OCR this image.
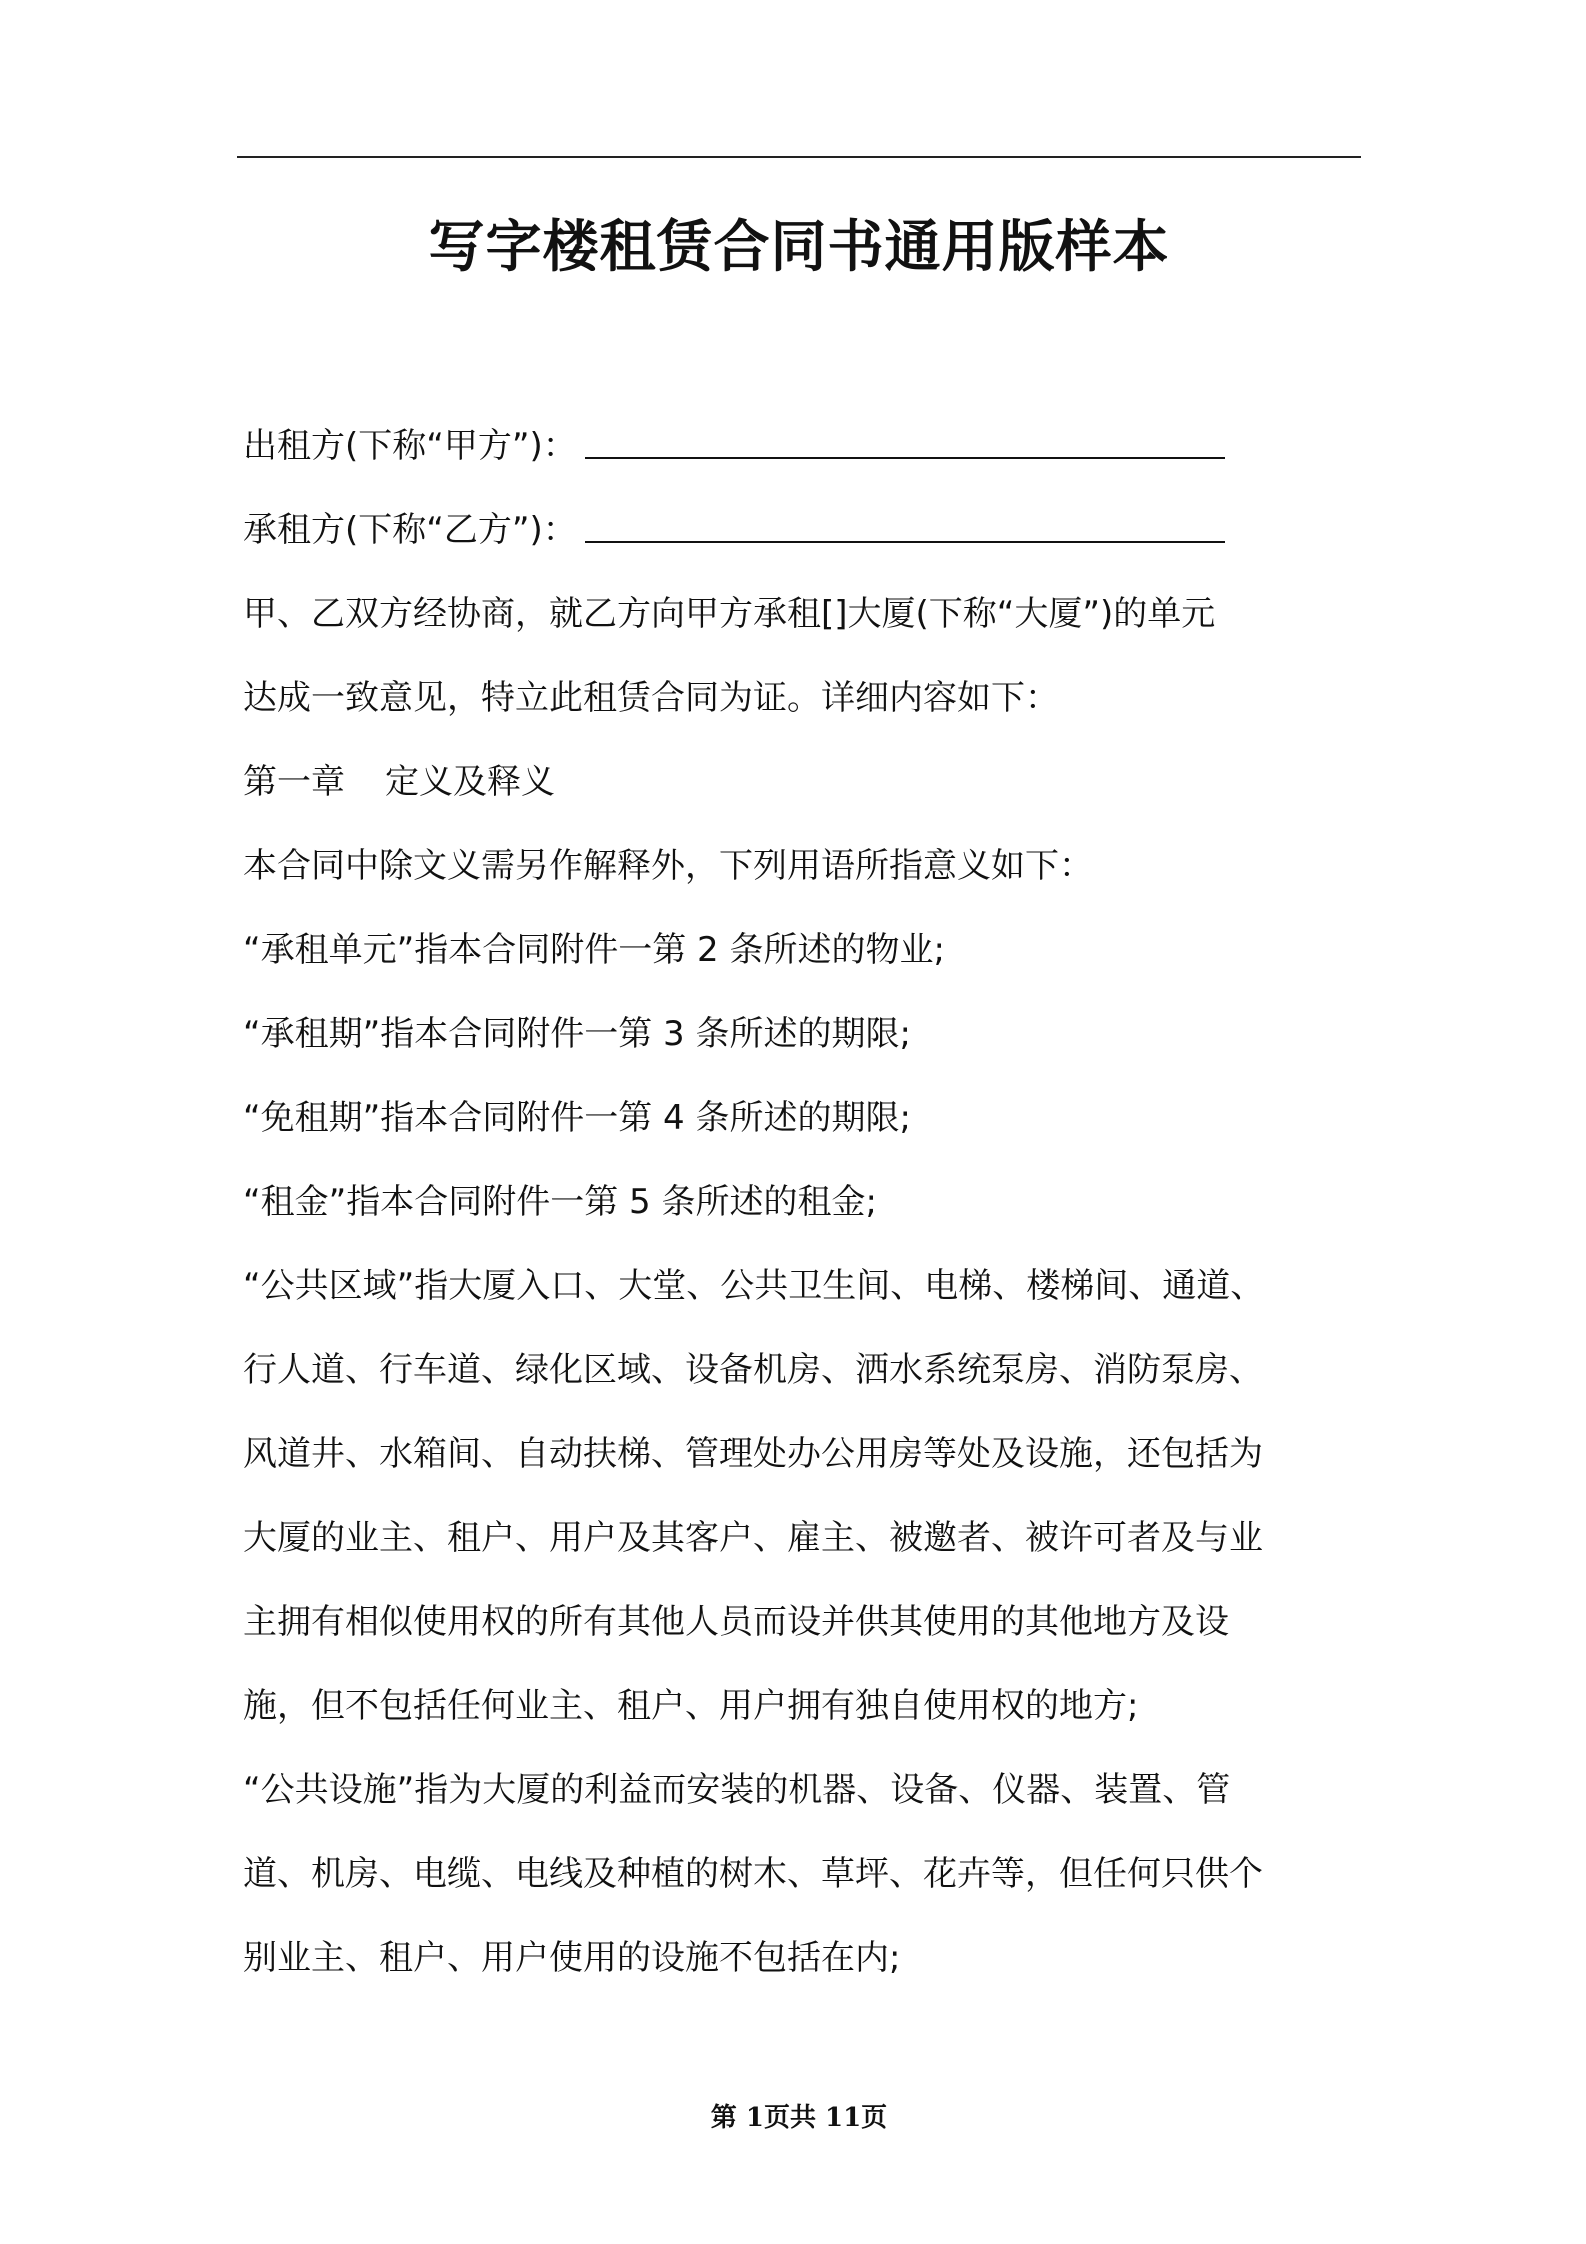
写字楼租赁合同书通用版样本
出租方(下称“甲方”)：
承租方(下称“乙方”)：
甲、乙双方经协商，就乙方向甲方承租[]大厦(下称“大厦”)的单元
达成一致意见，特立此租赁合同为证。详细内容如下：
第一章 定义及释义
本合同中除文义需另作解释外，下列用语所指意义如下：
“承租单元”指本合同附件一第 2 条所述的物业;
“承租期”指本合同附件一第 3 条所述的期限;
“免租期”指本合同附件一第 4 条所述的期限;
“租金”指本合同附件一第 5 条所述的租金;
“公共区域”指大厦入口、大堂、公共卫生间、电梯、楼梯间、通道、
行人道、行车道、绿化区域、设备机房、洒水系统泵房、消防泵房、
风道井、水箱间、自动扶梯、管理处办公用房等处及设施，还包括为
大厦的业主、租户、用户及其客户、雇主、被邀者、被许可者及与业
主拥有相似使用权的所有其他人员而设并供其使用的其他地方及设
施，但不包括任何业主、租户、用户拥有独自使用权的地方;
“公共设施”指为大厦的利益而安装的机器、设备、仪器、装置、管
道、机房、电缆、电线及种植的树木、草坪、花卉等，但任何只供个
别业主、租户、用户使用的设施不包括在内;
第 1页共 11页
